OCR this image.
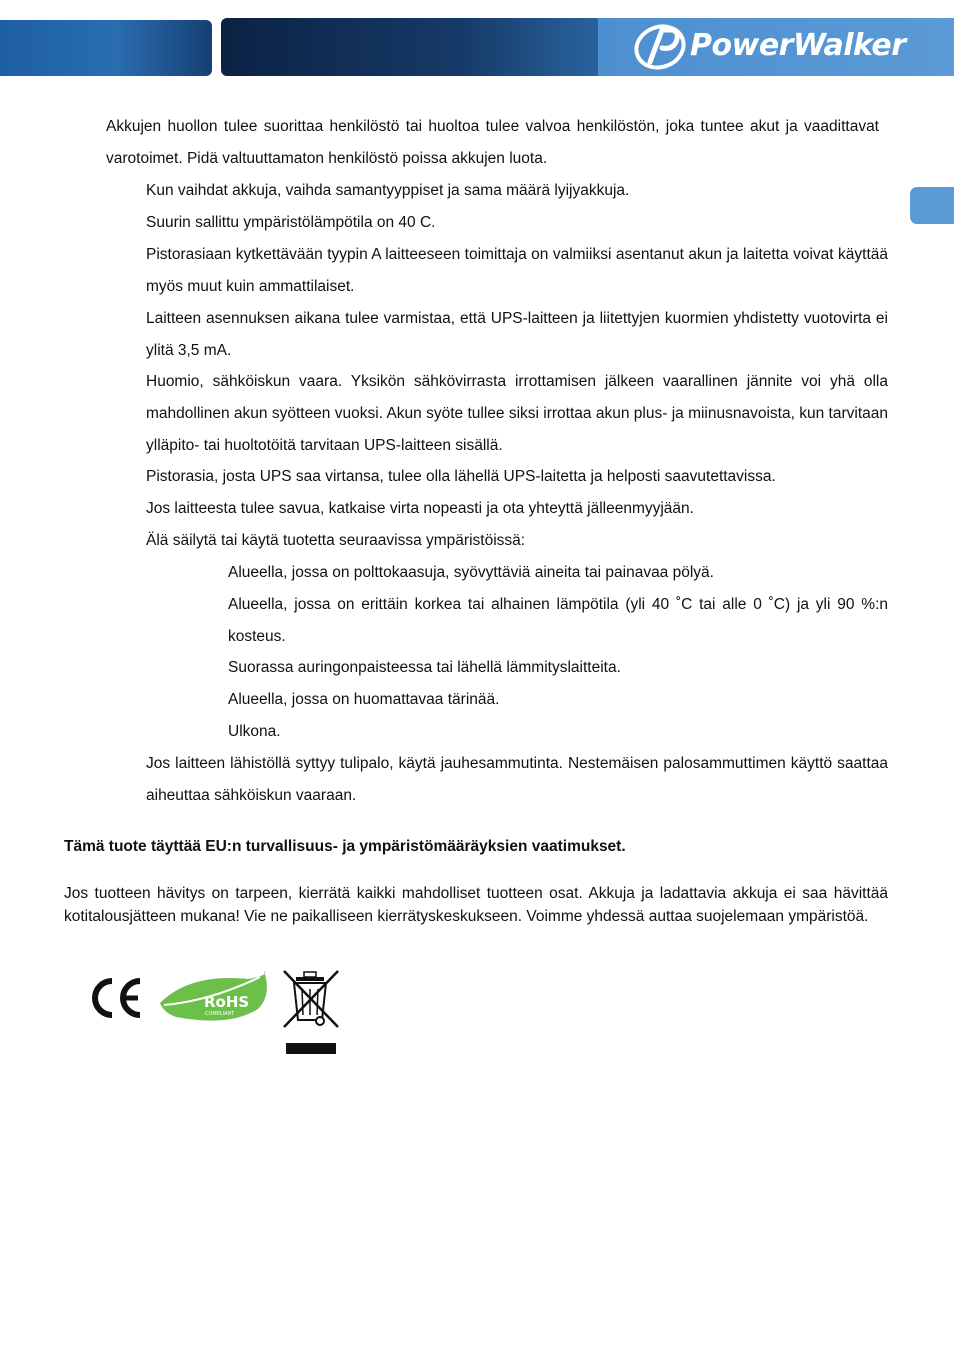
PowerWalker
Akkujen huollon tulee suorittaa henkilöstö tai huoltoa tulee valvoa henkilöstön, joka tuntee akut ja vaadittavat varotoimet. Pidä valtuuttamaton henkilöstö poissa akkujen luota.
Kun vaihdat akkuja, vaihda samantyyppiset ja sama määrä lyijyakkuja.
Suurin sallittu ympäristölämpötila on 40 C.
Pistorasiaan kytkettävään tyypin A laitteeseen toimittaja on valmiiksi asentanut akun ja laitetta voivat käyttää myös muut kuin ammattilaiset.
Laitteen asennuksen aikana tulee varmistaa, että UPS-laitteen ja liitettyjen kuormien yhdistetty vuotovirta ei ylitä 3,5 mA.
Huomio, sähköiskun vaara. Yksikön sähkövirrasta irrottamisen jälkeen vaarallinen jännite voi yhä olla mahdollinen akun syötteen vuoksi. Akun syöte tullee siksi irrottaa akun plus- ja miinusnavoista, kun tarvitaan ylläpito- tai huoltotöitä tarvitaan UPS-laitteen sisällä.
Pistorasia, josta UPS saa virtansa, tulee olla lähellä UPS-laitetta ja helposti saavutettavissa.
Jos laitteesta tulee savua, katkaise virta nopeasti ja ota yhteyttä jälleenmyyjään.
Älä säilytä tai käytä tuotetta seuraavissa ympäristöissä:
Alueella, jossa on polttokaasuja, syövyttäviä aineita tai painavaa pölyä.
Alueella, jossa on erittäin korkea tai alhainen lämpötila (yli 40 ˚C tai alle 0 ˚C) ja yli 90 %:n kosteus.
Suorassa auringonpaisteessa tai lähellä lämmityslaitteita.
Alueella, jossa on huomattavaa tärinää.
Ulkona.
Jos laitteen lähistöllä syttyy tulipalo, käytä jauhesammutinta. Nestemäisen palosammuttimen käyttö saattaa aiheuttaa sähköiskun vaaraan.
Tämä tuote täyttää EU:n turvallisuus- ja ympäristömääräyksien vaatimukset.
Jos tuotteen hävitys on tarpeen, kierrätä kaikki mahdolliset tuotteen osat. Akkuja ja ladattavia akkuja ei saa hävittää kotitalousjätteen mukana! Vie ne paikalliseen kierrätyskeskukseen. Voimme yhdessä auttaa suojelemaan ympäristöä.
RoHS
COMPLIANT
